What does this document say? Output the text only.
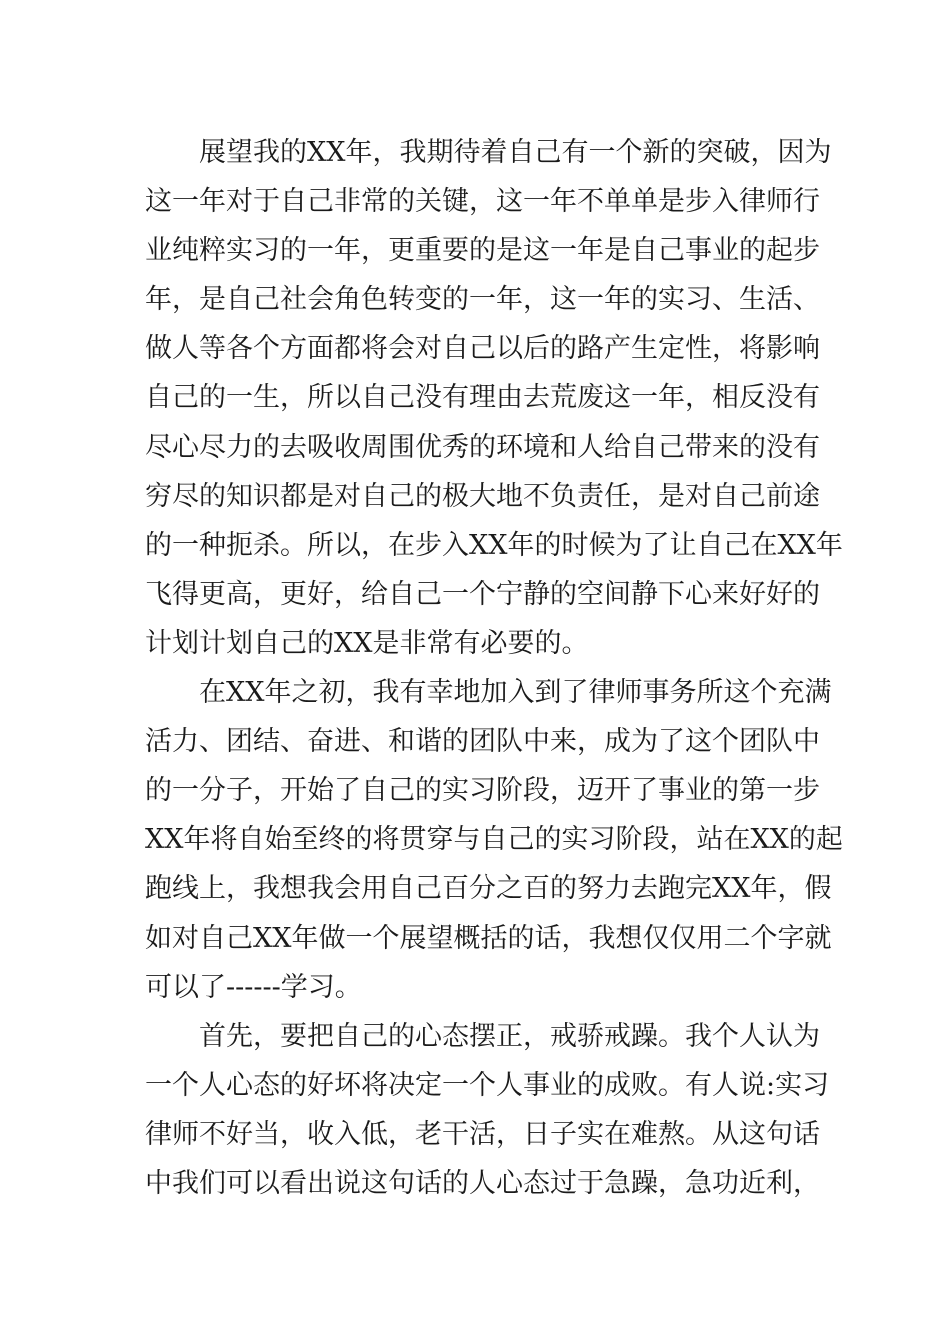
展望我的XX年，我期待着自己有一个新的突破，因为
这一年对于自己非常的关键，这一年不单单是步入律师行
业纯粹实习的一年，更重要的是这一年是自己事业的起步
年，是自己社会角色转变的一年，这一年的实习、生活、
做人等各个方面都将会对自己以后的路产生定性，将影响
自己的一生，所以自己没有理由去荒废这一年，相反没有
尽心尽力的去吸收周围优秀的环境和人给自己带来的没有
穷尽的知识都是对自己的极大地不负责任，是对自己前途
的一种扼杀。所以，在步入XX年的时候为了让自己在XX年
飞得更高，更好，给自己一个宁静的空间静下心来好好的
计划计划自己的XX是非常有必要的。
在XX年之初，我有幸地加入到了律师事务所这个充满
活力、团结、奋进、和谐的团队中来，成为了这个团队中
的一分子，开始了自己的实习阶段，迈开了事业的第一步
XX年将自始至终的将贯穿与自己的实习阶段，站在XX的起
跑线上，我想我会用自己百分之百的努力去跑完XX年，假
如对自己XX年做一个展望概括的话，我想仅仅用二个字就
可以了------学习。
首先，要把自己的心态摆正，戒骄戒躁。我个人认为
一个人心态的好坏将决定一个人事业的成败。有人说:实习
律师不好当，收入低，老干活，日子实在难熬。从这句话
中我们可以看出说这句话的人心态过于急躁，急功近利，
